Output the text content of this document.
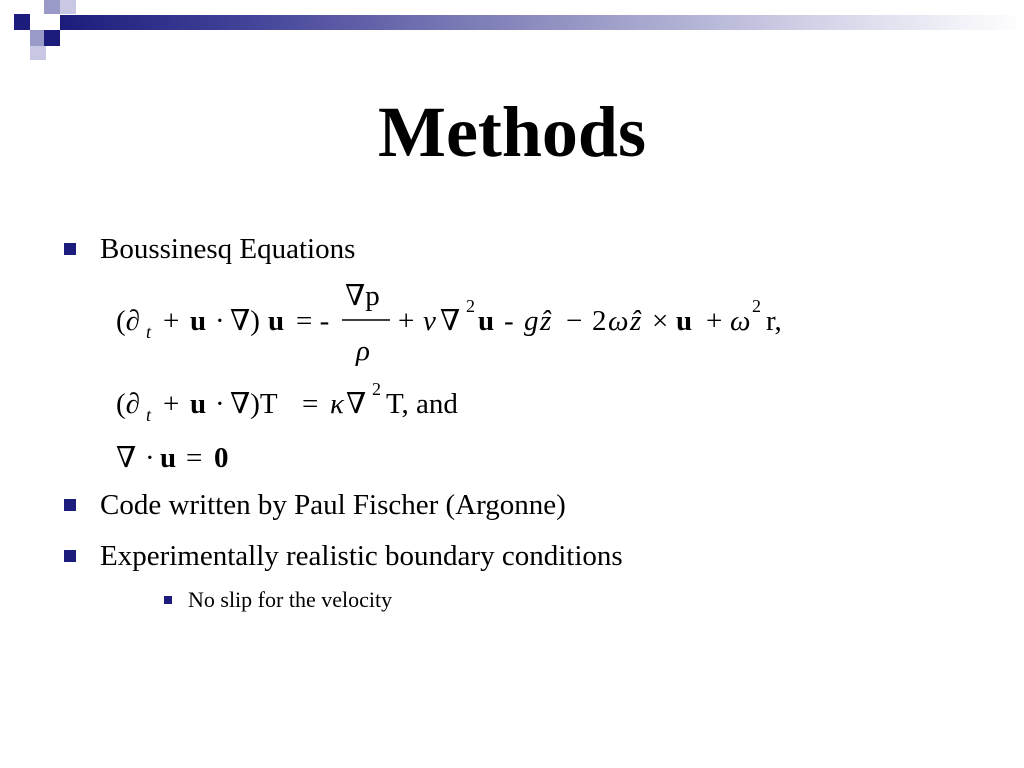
Methods
Boussinesq Equations
(∂ t + u · ∇) u = -
∇p
ρ
+ ν ∇ 2 u - g ẑ − 2 ω ẑ × u + ω 2 r,
(∂ t + u · ∇)T = κ ∇ 2 T, and
∇ · u = 0
Code written by Paul Fischer (Argonne)
Experimentally realistic boundary conditions
No slip for the velocity
